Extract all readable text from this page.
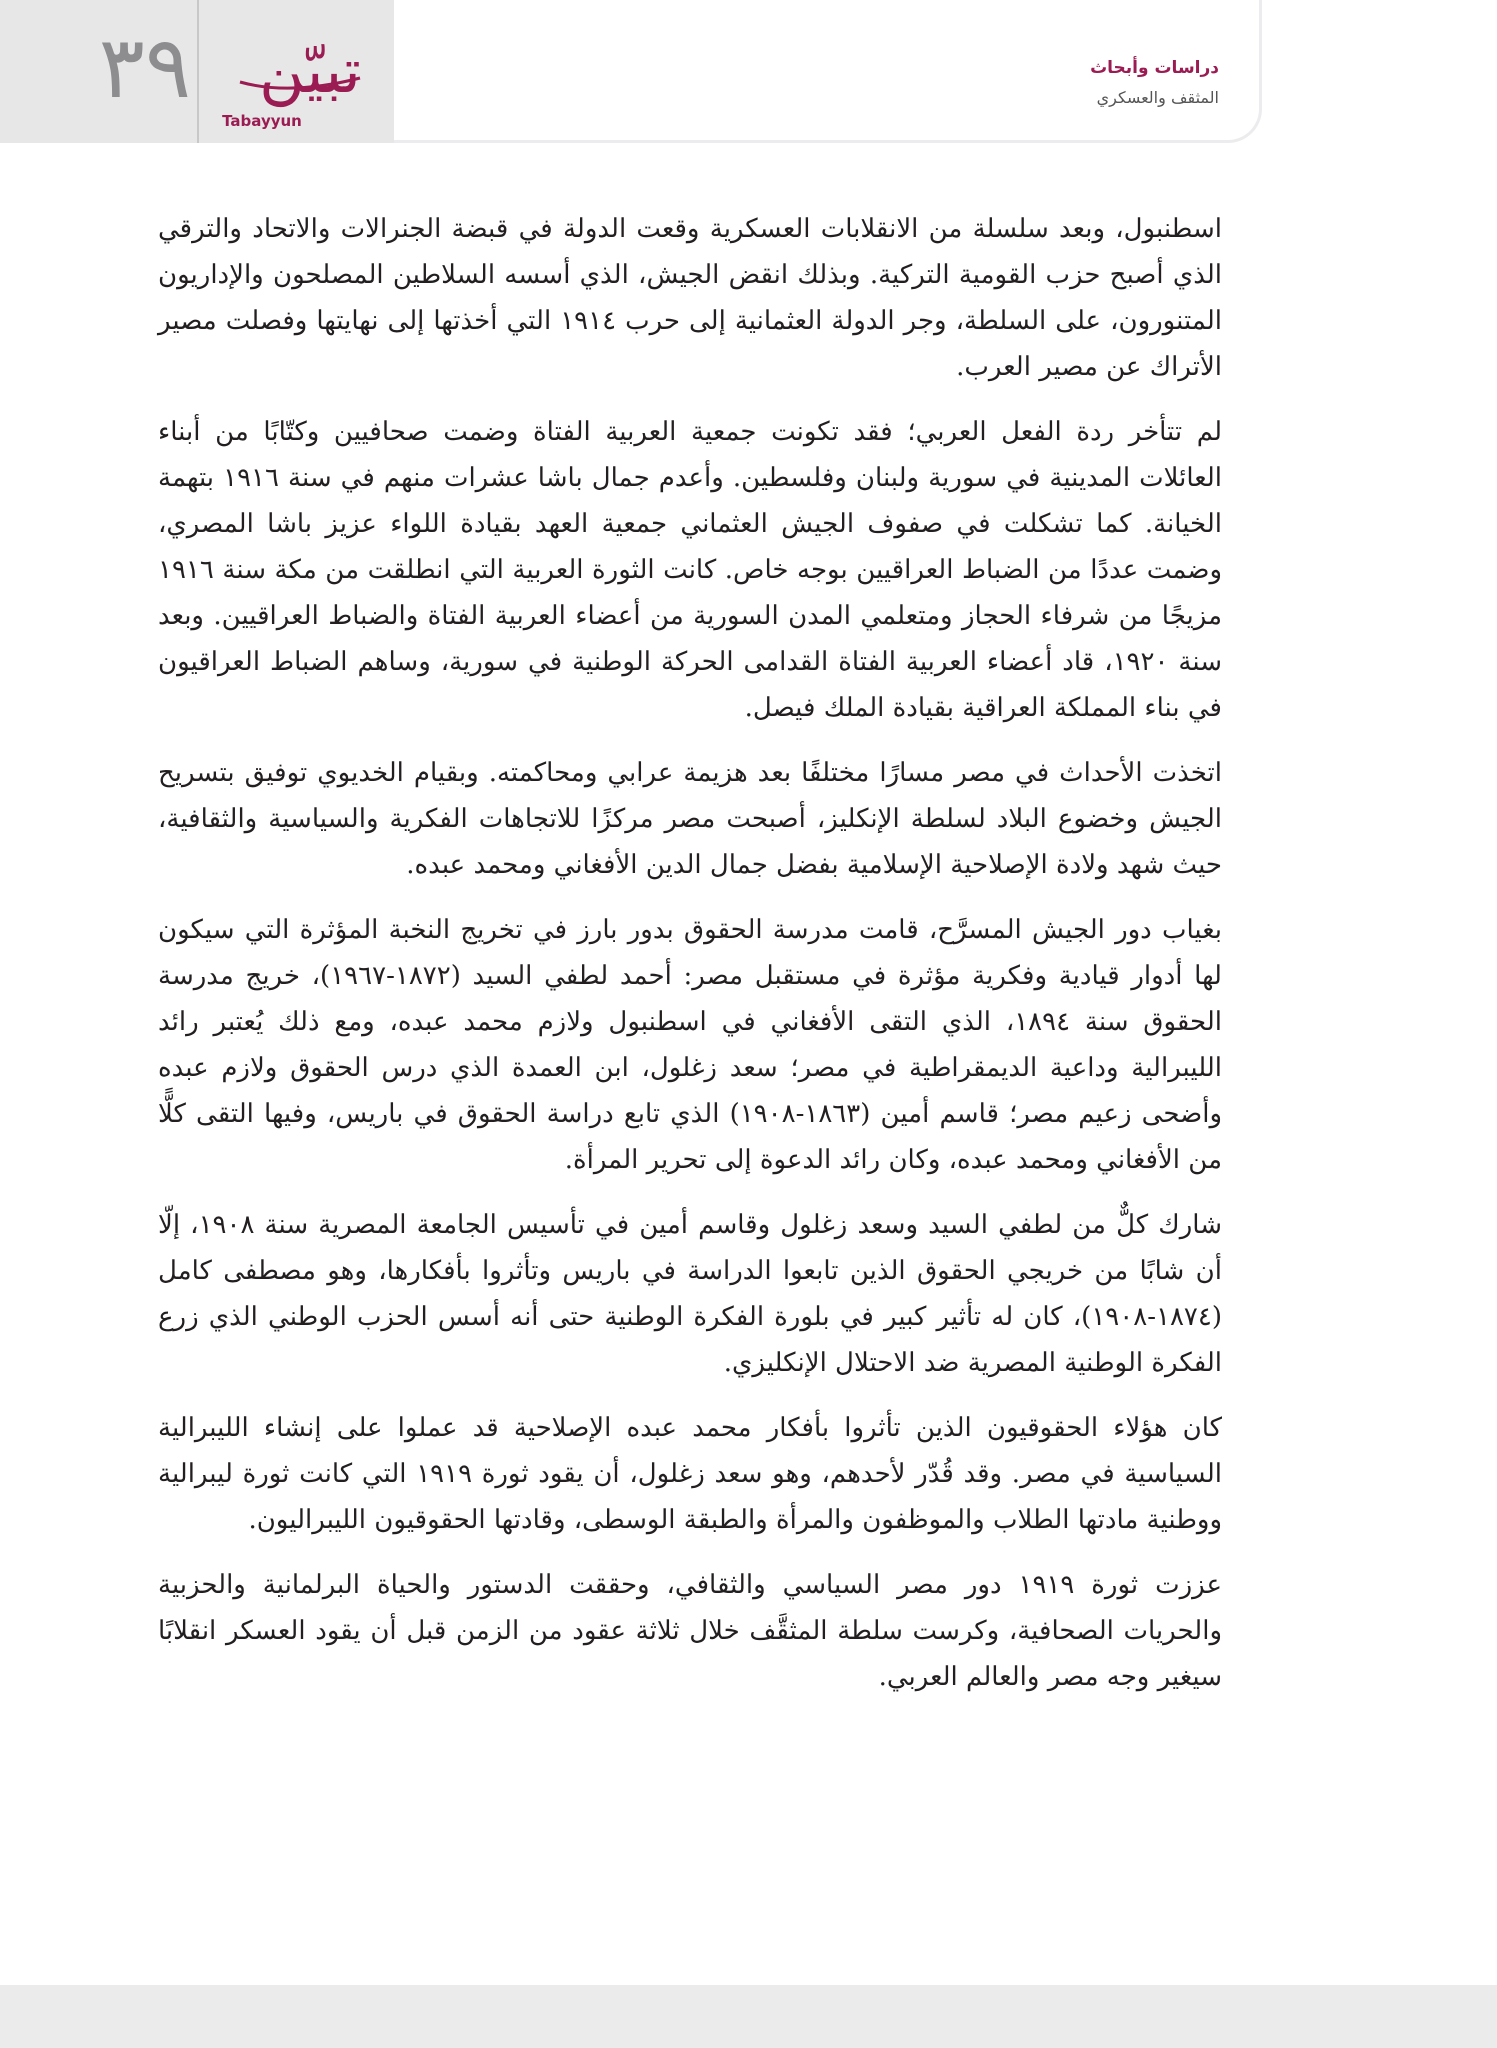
٣٩ تبيّن
Tabayyun
دراسات وأبحاث
المثقف والعسكري

اسطنبول، وبعد سلسلة من الانقلابات العسكرية وقعت الدولة في قبضة الجنرالات والاتحاد والترقي الذي أصبح حزب القومية التركية. وبذلك انقض الجيش، الذي أسسه السلاطين المصلحون والإداريون المتنورون، على السلطة، وجر الدولة العثمانية إلى حرب ١٩١٤ التي أخذتها إلى نهايتها وفصلت مصير الأتراك عن مصير العرب.

لم تتأخر ردة الفعل العربي؛ فقد تكونت جمعية العربية الفتاة وضمت صحافيين وكتّابًا من أبناء العائلات المدينية في سورية ولبنان وفلسطين. وأعدم جمال باشا عشرات منهم في سنة ١٩١٦ بتهمة الخيانة. كما تشكلت في صفوف الجيش العثماني جمعية العهد بقيادة اللواء عزيز باشا المصري، وضمت عددًا من الضباط العراقيين بوجه خاص. كانت الثورة العربية التي انطلقت من مكة سنة ١٩١٦ مزيجًا من شرفاء الحجاز ومتعلمي المدن السورية من أعضاء العربية الفتاة والضباط العراقيين. وبعد سنة ١٩٢٠، قاد أعضاء العربية الفتاة القدامى الحركة الوطنية في سورية، وساهم الضباط العراقيون في بناء المملكة العراقية بقيادة الملك فيصل.

اتخذت الأحداث في مصر مسارًا مختلفًا بعد هزيمة عرابي ومحاكمته. وبقيام الخديوي توفيق بتسريح الجيش وخضوع البلاد لسلطة الإنكليز، أصبحت مصر مركزًا للاتجاهات الفكرية والسياسية والثقافية، حيث شهد ولادة الإصلاحية الإسلامية بفضل جمال الدين الأفغاني ومحمد عبده.

بغياب دور الجيش المسرَّح، قامت مدرسة الحقوق بدور بارز في تخريج النخبة المؤثرة التي سيكون لها أدوار قيادية وفكرية مؤثرة في مستقبل مصر: أحمد لطفي السيد (١٨٧٢-١٩٦٧)، خريج مدرسة الحقوق سنة ١٨٩٤، الذي التقى الأفغاني في اسطنبول ولازم محمد عبده، ومع ذلك يُعتبر رائد الليبرالية وداعية الديمقراطية في مصر؛ سعد زغلول، ابن العمدة الذي درس الحقوق ولازم عبده وأضحى زعيم مصر؛ قاسم أمين (١٨٦٣-١٩٠٨) الذي تابع دراسة الحقوق في باريس، وفيها التقى كلًّا من الأفغاني ومحمد عبده، وكان رائد الدعوة إلى تحرير المرأة.

شارك كلٌّ من لطفي السيد وسعد زغلول وقاسم أمين في تأسيس الجامعة المصرية سنة ١٩٠٨، إلّا أن شابًا من خريجي الحقوق الذين تابعوا الدراسة في باريس وتأثروا بأفكارها، وهو مصطفى كامل (١٨٧٤-١٩٠٨)، كان له تأثير كبير في بلورة الفكرة الوطنية حتى أنه أسس الحزب الوطني الذي زرع الفكرة الوطنية المصرية ضد الاحتلال الإنكليزي.

كان هؤلاء الحقوقيون الذين تأثروا بأفكار محمد عبده الإصلاحية قد عملوا على إنشاء الليبرالية السياسية في مصر. وقد قُدّر لأحدهم، وهو سعد زغلول، أن يقود ثورة ١٩١٩ التي كانت ثورة ليبرالية ووطنية مادتها الطلاب والموظفون والمرأة والطبقة الوسطى، وقادتها الحقوقيون الليبراليون.

عززت ثورة ١٩١٩ دور مصر السياسي والثقافي، وحققت الدستور والحياة البرلمانية والحزبية والحريات الصحافية، وكرست سلطة المثقَّف خلال ثلاثة عقود من الزمن قبل أن يقود العسكر انقلابًا سيغير وجه مصر والعالم العربي.
